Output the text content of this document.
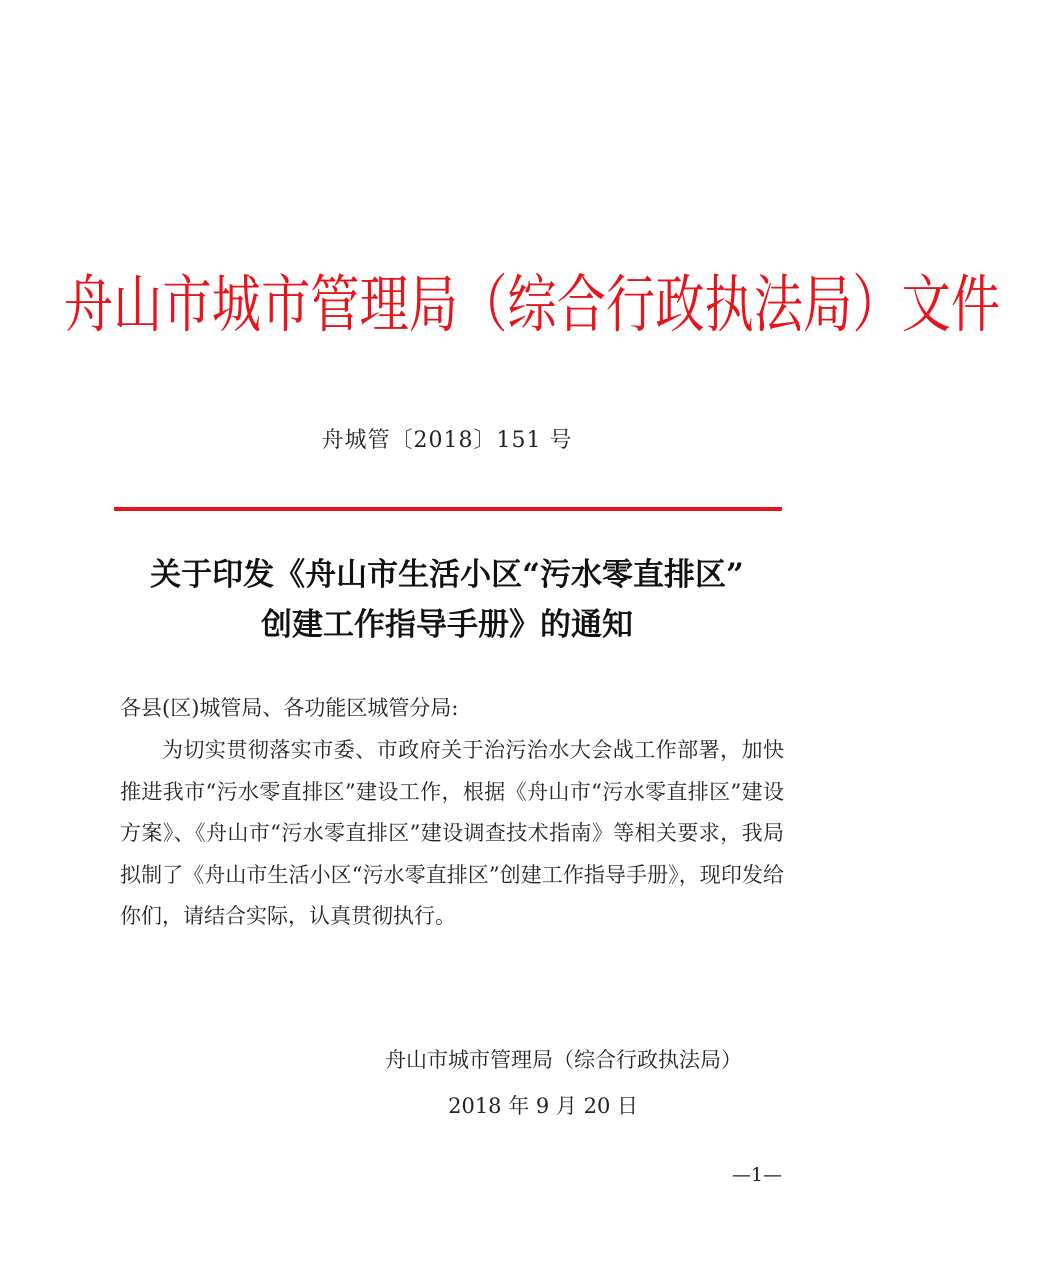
舟山市城市管理局（综合行政执法局）文件
舟城管〔2018〕151 号
关于印发《舟山市生活小区“污水零直排区”
创建工作指导手册》的通知
各县(区)城管局、各功能区城管分局:
为切实贯彻落实市委、市政府关于治污治水大会战工作部署，加快推进我市“污水零直排区”建设工作，根据《舟山市“污水零直排区”建设方案》、《舟山市“污水零直排区”建设调查技术指南》等相关要求，我局拟制了《舟山市生活小区“污水零直排区”创建工作指导手册》，现印发给你们，请结合实际，认真贯彻执行。
舟山市城市管理局（综合行政执法局）
2018 年 9 月 20 日
—1—
